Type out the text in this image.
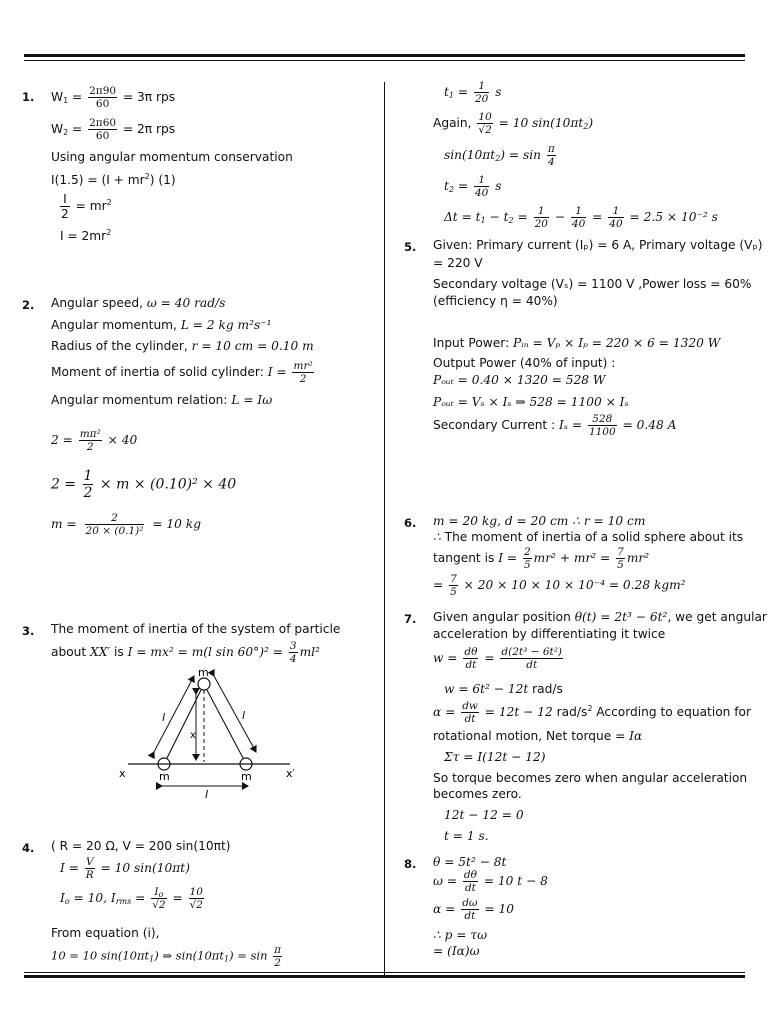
1. $W_1 = \frac{2\pi 90}{60} = 3\pi$ rps
$W_2 = \frac{2\pi 60}{60} = 2\pi$ rps
Using angular momentum conservation
$I(1.5) = (I + mr^2)$ (1)
$\frac{I}{2} = mr^2$
$I = 2mr^2$
2. Angular speed, ω = 40 rad/s
Angular momentum, L = 2 kg m²s⁻¹
Radius of the cylinder, r = 10 cm = 0.10 m
Moment of inertia of solid cylinder: $I = \frac{\text{mr²}}{2}$
Angular momentum relation: L = Iω
$2 = \frac{\text{mπ²}}{2} \times 40$
$2 = \frac{1}{2} \times m \times (0.10)^2 \times 40$
$m = \frac{2}{\text{20 × (0.1)²}} = 10$ kg
3. The moment of inertia of the system of particle
about XX′ is I = mx² = m(l $\sin 60^\circ)^2 = \frac{3}{4} ml^2$
m
m	m
l	l
l
x
x	x′
4. ( R = 20 Ω, V = 200 sin(10πt)
$I = \frac{V}{R} = 10$ sin(10πt)
$I_o = 10$, $I_{rms} = \frac{I_o}{√2} = \frac{10}{√2}$
From equation (i),
10 = 10 $\sin(10\pi t_1)$ ⇒ $\sin(10\pi t_1) = \sin \frac{\pi}{2}$
$t_1 = \frac{1}{20}$ s
Again, $\frac{10}{√2} = 10$ $\sin(10\pi t_2)$
$\sin(10\pi t_2) = \sin \frac{\pi}{4}$
$t_2 = \frac{1}{40}$ s
$\Delta t = t_1 - t_2 = \frac{1}{20} - \frac{1}{40} = \frac{1}{40} = 2.5 \times 10^{-2}$ s
5. Given: Primary current (Iₚ) = 6 A, Primary voltage (Vₚ)
= 220 V
Secondary voltage (Vₛ) = 1100 V ,Power loss = 60%
(efficiency η = 40%)
Input Power: Pᵢₙ = Vₚ × Iₚ = 220 × 6 = 1320 W
Output Power (40% of input) :
Pₒᵤₜ = 0.40 × 1320 = 528 W
Pₒᵤₜ = Vₛ × Iₛ ⇒ 528 = 1100 × Iₛ
Secondary Current : $I_s = \frac{528}{1100} = 0.48$ A
6. m = 20 kg, d = 20 cm ∴ r = 10 cm
∴ The moment of inertia of a solid sphere about its
tangent is $I = \frac{2}{5} mr^2 + mr^2 = \frac{7}{5} mr^2$
= $\frac{7}{5} \times 20 \times 10 \times 10 \times 10^{-4} = 0.28$ kgm²
7. Given angular position θ(t) = 2t³ − 6t², we get angular
acceleration by differentiating it twice
$w = \frac{d\theta}{dt} = \frac{\text{d(2t³ − 6t²)}}{dt}$
w = 6t² − 12t rad/s
$\alpha = \frac{dw}{dt} = 12t - 12$ rad/$s^2$ According to equation for
rotational motion, Net torque = Iα
Στ = I(12t − 12)
So torque becomes zero when angular acceleration
becomes zero.
12t − 12 = 0
t = 1 s.
8. θ = 5t² − 8t
$\omega = \frac{d\theta}{dt} = 10$ t − 8
$\alpha = \frac{d\omega}{dt} = 10$
∴ p = τω
= (Iα)ω
